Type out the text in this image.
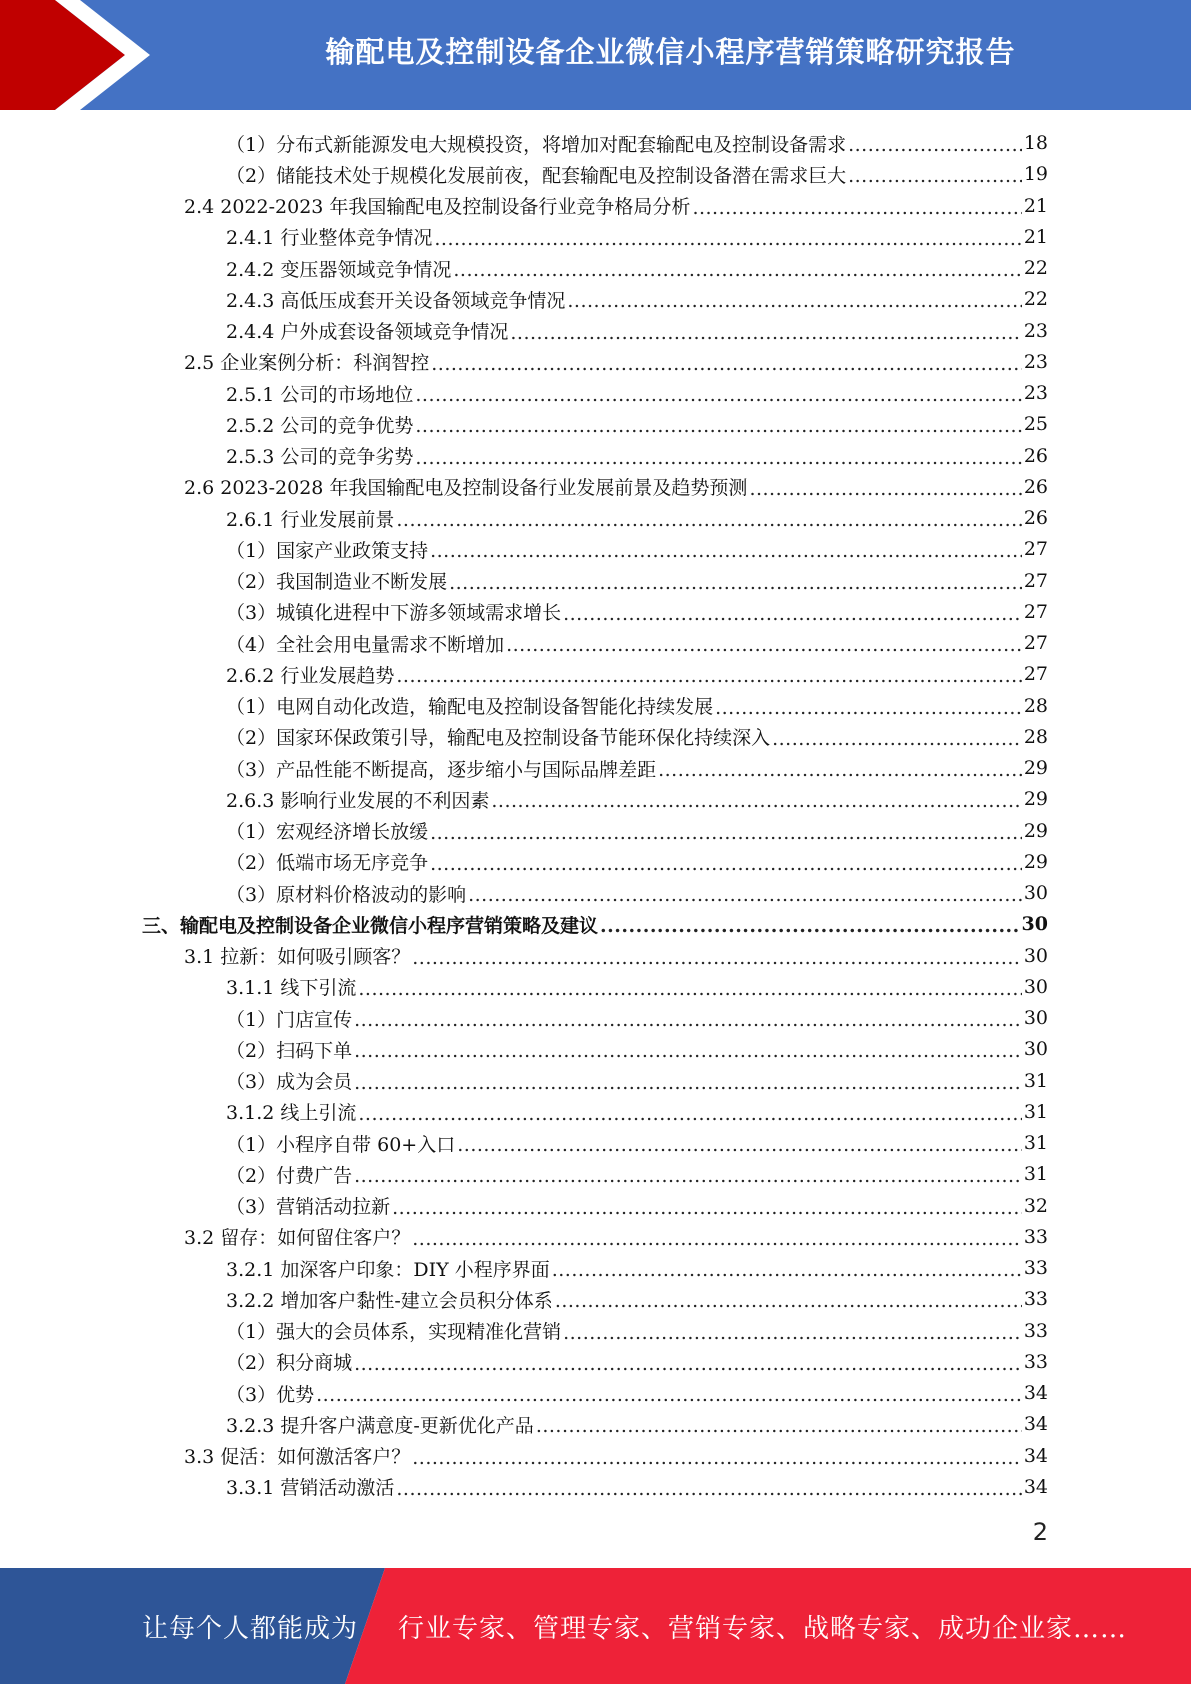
输配电及控制设备企业微信小程序营销策略研究报告
（1）分布式新能源发电大规模投资，将增加对配套输配电及控制设备需求 .....	18
（2）储能技术处于规模化发展前夜，配套输配电及控制设备潜在需求巨大 .....	19
2.4 2022-2023 年我国输配电及控制设备行业竞争格局分析 .....	21
2.4.1 行业整体竞争情况 .....	21
2.4.2 变压器领域竞争情况 .....	22
2.4.3 高低压成套开关设备领域竞争情况 .....	22
2.4.4 户外成套设备领域竞争情况 .....	23
2.5 企业案例分析：科润智控 .....	23
2.5.1 公司的市场地位 .....	23
2.5.2 公司的竞争优势 .....	25
2.5.3 公司的竞争劣势 .....	26
2.6 2023-2028 年我国输配电及控制设备行业发展前景及趋势预测 .....	26
2.6.1 行业发展前景 .....	26
（1）国家产业政策支持 .....	27
（2）我国制造业不断发展 .....	27
（3）城镇化进程中下游多领域需求增长 .....	27
（4）全社会用电量需求不断增加 .....	27
2.6.2 行业发展趋势 .....	27
（1）电网自动化改造，输配电及控制设备智能化持续发展 .....	28
（2）国家环保政策引导，输配电及控制设备节能环保化持续深入 .....	28
（3）产品性能不断提高，逐步缩小与国际品牌差距 .....	29
2.6.3 影响行业发展的不利因素 .....	29
（1）宏观经济增长放缓 .....	29
（2）低端市场无序竞争 .....	29
（3）原材料价格波动的影响 .....	30
三、输配电及控制设备企业微信小程序营销策略及建议 .....	30
3.1 拉新：如何吸引顾客？ .....	30
3.1.1 线下引流 .....	30
（1）门店宣传 .....	30
（2）扫码下单 .....	30
（3）成为会员 .....	31
3.1.2 线上引流 .....	31
（1）小程序自带 60+入口 .....	31
（2）付费广告 .....	31
（3）营销活动拉新 .....	32
3.2 留存：如何留住客户？ .....	33
3.2.1 加深客户印象：DIY 小程序界面 .....	33
3.2.2 增加客户黏性-建立会员积分体系 .....	33
（1）强大的会员体系，实现精准化营销 .....	33
（2）积分商城 .....	33
（3）优势 .....	34
3.2.3 提升客户满意度-更新优化产品 .....	34
3.3 促活：如何激活客户？ .....	34
3.3.1 营销活动激活 .....	34
2
让每个人都能成为 行业专家、管理专家、营销专家、战略专家、成功企业家……
